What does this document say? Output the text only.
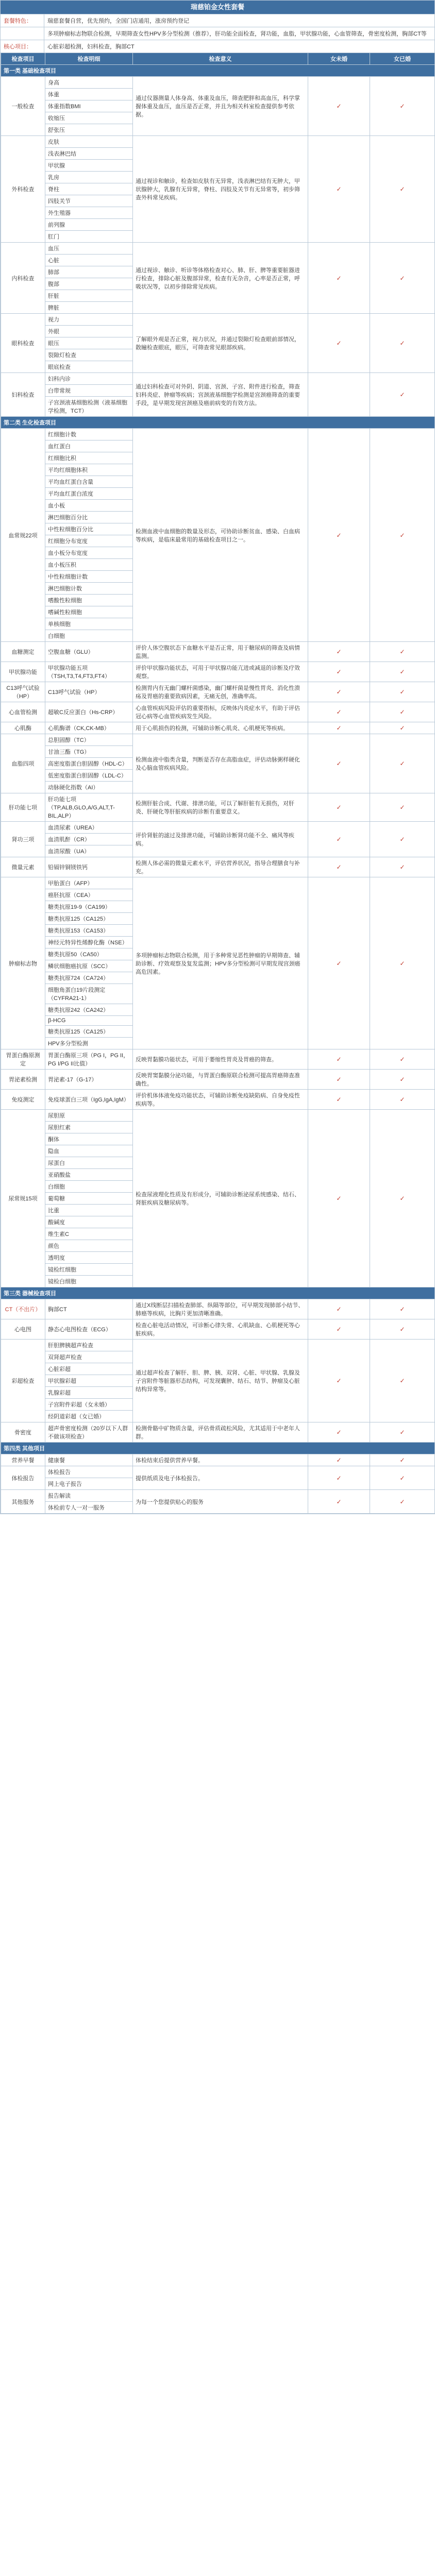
瑞慈铂金女性套餐
套餐特色：	瑞慈套餐自营，优先预约，全国门店通用，涨房预约登记
多项肿瘤标志物联合检测，早期筛查女性HPV多分型检测（推荐），肝功能全面检查，肾功能，血脂，甲状腺功能，心血管筛查，骨密度检测，胸部CT等
核心项目：	心脏彩超检测，妇科检查，胸部CT
检查项目	检查明细	检查意义	女未婚	女已婚
第一类 基础检查项目				
一般检查	身高	通过仪器测量人体身高、体重及血压，筛查肥胖和高血压，科学掌握体重及血压，血压是否正常，并且为相关科室检查提供参考依据。	✓	✓
	体重			
	体重指数BMI			
	收缩压			
	舒张压			
外科检查	皮肤	通过视诊和触诊，检查如皮肤有无异常，浅表淋巴结有无肿大，甲状腺肿大，乳腺有无异常，脊柱、四肢及关节有无异常等，初步筛查外科常见疾病。	✓	✓
	浅表淋巴结			
	甲状腺			
	乳房			
	脊柱			
	四肢关节			
	外生殖器			
	前列腺			
	肛门			
内科检查	血压	通过视诊、触诊、听诊等体格检查对心、肺、肝、脾等重要脏器进行检查，排除心脏及腹部异常，检查有无杂音，心率是否正常，呼吸状况等，以初步排除常见疾病。	✓	✓
	心脏			
	肺部			
	腹部			
	肝脏			
	脾脏			
眼科检查	视力	了解眼外观是否正常，视力状况，并通过裂隙灯检查眼前部情况，散瞳检查眼底，眼压，可筛查常见眼部疾病。	✓	✓
	外眼			
	眼压			
	裂隙灯检查			
	眼底检查			
妇科检查	妇科内诊	通过妇科检查可对外阴、阴道、宫颈、子宫、附件进行检查，筛查妇科炎症、肿瘤等疾病；宫颈液基细胞学检测是宫颈癌筛查的重要手段，是早期发现宫颈癌及癌前病变的有效方法。		✓
	白带常规			
	子宫颈液基细胞检测（液基细胞学检测，TCT）			
第二类 生化检查项目				
血常规22项	红细胞计数	检测血液中血细胞的数量及形态，可协助诊断贫血、感染、白血病等疾病，是临床最常用的基础检查项目之一。	✓	✓
	血红蛋白			
	红细胞比积			
	平均红细胞体积			
	平均血红蛋白含量			
	平均血红蛋白浓度			
	血小板			
	淋巴细胞百分比			
	中性粒细胞百分比			
	红细胞分布宽度			
	血小板分布宽度			
	血小板压积			
	中性粒细胞计数			
	淋巴细胞计数			
	嗜酸性粒细胞			
	嗜碱性粒细胞			
	单核细胞			
	白细胞			
血糖测定	空腹血糖（GLU）	评价人体空腹状态下血糖水平是否正常，用于糖尿病的筛查及病情监测。	✓	✓
甲状腺功能	甲状腺功能五项（TSH,T3,T4,FT3,FT4）	评价甲状腺功能状态，可用于甲状腺功能亢进或减退的诊断及疗效观察。	✓	✓
C13呼气试验（HP）	C13呼气试验（HP）	检测胃内有无幽门螺杆菌感染，幽门螺杆菌是慢性胃炎、消化性溃疡及胃癌的重要致病因素，无痛无创，准确率高。	✓	✓
心血管检测	超敏C反应蛋白（Hs-CRP）	心血管疾病风险评估的重要指标，反映体内炎症水平，有助于评估冠心病等心血管疾病发生风险。	✓	✓
心肌酶	心肌酶谱（CK,CK-MB）	用于心肌损伤的检测，可辅助诊断心肌炎、心肌梗死等疾病。	✓	✓
血脂四项	总胆固醇（TC）	检测血液中脂类含量，判断是否存在高脂血症，评估动脉粥样硬化及心脑血管疾病风险。	✓	✓
	甘油三酯（TG）			
	高密度脂蛋白胆固醇（HDL-C）			
	低密度脂蛋白胆固醇（LDL-C）			
	动脉硬化指数（AI）			
肝功能七项	肝功能七项（TP,ALB,GLO,A/G,ALT,T-BIL,ALP）	检测肝脏合成、代谢、排泄功能，可以了解肝脏有无损伤，对肝炎、肝硬化等肝脏疾病的诊断有重要意义。	✓	✓
肾功三项	血清尿素（UREA）	评价肾脏的滤过及排泄功能，可辅助诊断肾功能不全、痛风等疾病。	✓	✓
	血清肌酐（CR）			
	血清尿酸（UA）			
微量元素	铅镉锌铜镁铁钙	检测人体必需的微量元素水平，评估营养状况，指导合理膳食与补充。	✓	✓
肿瘤标志物	甲胎蛋白（AFP）	多项肿瘤标志物联合检测，用于多种常见恶性肿瘤的早期筛查、辅助诊断、疗效观察及复发监测；HPV多分型检测可早期发现宫颈癌高危因素。	✓	✓
	癌胚抗原（CEA）			
	糖类抗原19-9（CA199）			
	糖类抗原125（CA125）			
	糖类抗原153（CA153）			
	神经元特异性烯醇化酶（NSE）			
	糖类抗原50（CA50）			
	鳞状细胞癌抗原（SCC）			
	糖类抗原724（CA724）			
	细胞角蛋白19片段测定（CYFRA21-1）			
	糖类抗原242（CA242）			
	β-HCG			
	糖类抗原125（CA125）			
	HPV多分型检测			
胃蛋白酶原测定	胃蛋白酶原三项（PG I，PG II，PG I/PG II比值）	反映胃黏膜功能状态，可用于萎缩性胃炎及胃癌的筛查。	✓	✓
胃泌素检测	胃泌素-17（G-17）	反映胃窦黏膜分泌功能，与胃蛋白酶原联合检测可提高胃癌筛查准确性。	✓	✓
免疫测定	免疫球蛋白三项（IgG,IgA,IgM）	评价机体体液免疫功能状态，可辅助诊断免疫缺陷病、自身免疫性疾病等。	✓	✓
尿常规15项	尿胆原	检查尿液理化性质及有形成分，可辅助诊断泌尿系统感染、结石、肾脏疾病及糖尿病等。	✓	✓
	尿胆红素			
	酮体			
	隐血			
	尿蛋白			
	亚硝酸盐			
	白细胞			
	葡萄糖			
	比重			
	酸碱度			
	维生素C			
	颜色			
	透明度			
	镜检红细胞			
	镜检白细胞			
第三类 器械检查项目				
CT（不出片）	胸部CT	通过X线断层扫描检查肺部、纵隔等部位，可早期发现肺部小结节、肺癌等疾病，比胸片更加清晰准确。	✓	✓
心电图	静态心电图检查（ECG）	检查心脏电活动情况，可诊断心律失常、心肌缺血、心肌梗死等心脏疾病。	✓	✓
彩超检查	肝胆脾胰超声检查	通过超声检查了解肝、胆、脾、胰、双肾、心脏、甲状腺、乳腺及子宫附件等脏器形态结构，可发现囊肿、结石、结节、肿瘤及心脏结构异常等。	✓	✓
	双肾超声检查			
	心脏彩超			
	甲状腺彩超			
	乳腺彩超			
	子宫附件彩超（女未婚）			
	经阴道彩超（女已婚）			
骨密度	超声骨密度检测（20岁以下人群不做该项检查）	检测骨骼中矿物质含量，评估骨质疏松风险，尤其适用于中老年人群。	✓	✓
第四类 其他项目				
营养早餐	健康餐	体检结束后提供营养早餐。	✓	✓
体检报告	体检报告	提供纸质及电子体检报告。	✓	✓
	网上电子报告			
其他服务	报告解读	为每一个您提供贴心的服务	✓	✓
	体检前专人一对一服务			
